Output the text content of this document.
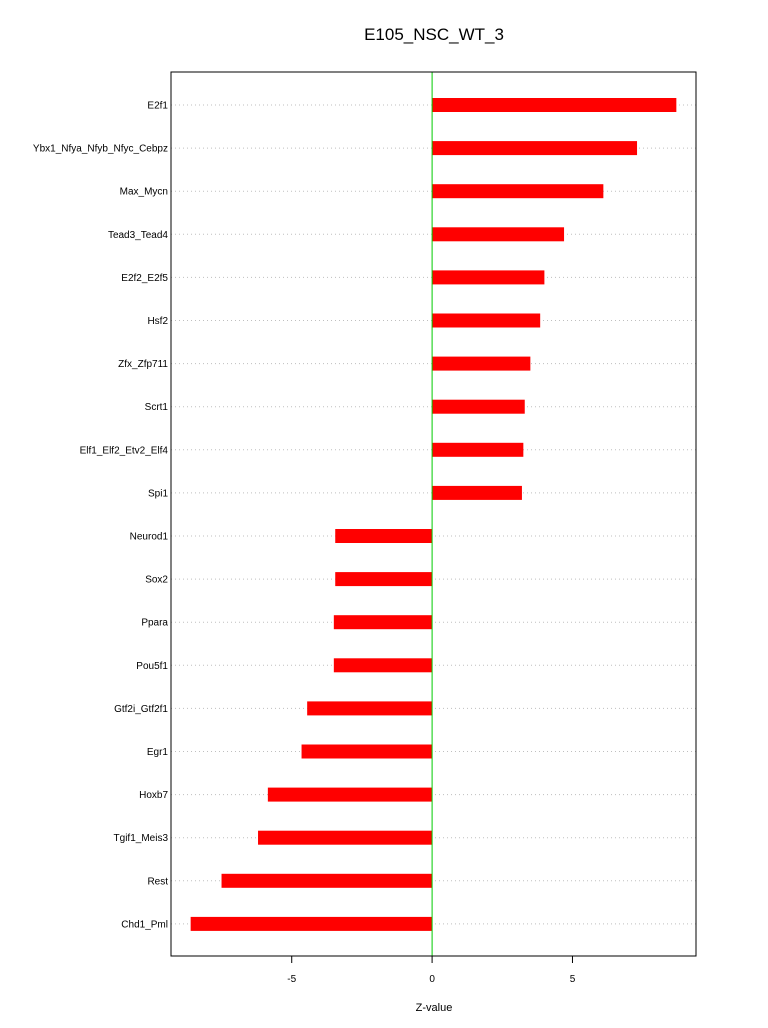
E105_NSC_WT_3
E2f1
Ybx1_Nfya_Nfyb_Nfyc_Cebpz
Max_Mycn
Tead3_Tead4
E2f2_E2f5
Hsf2
Zfx_Zfp711
Scrt1
Elf1_Elf2_Etv2_Elf4
Spi1
Neurod1
Sox2
Ppara
Pou5f1
Gtf2i_Gtf2f1
Egr1
Hoxb7
Tgif1_Meis3
Rest
Chd1_Pml
-5	0	5
Z-value
